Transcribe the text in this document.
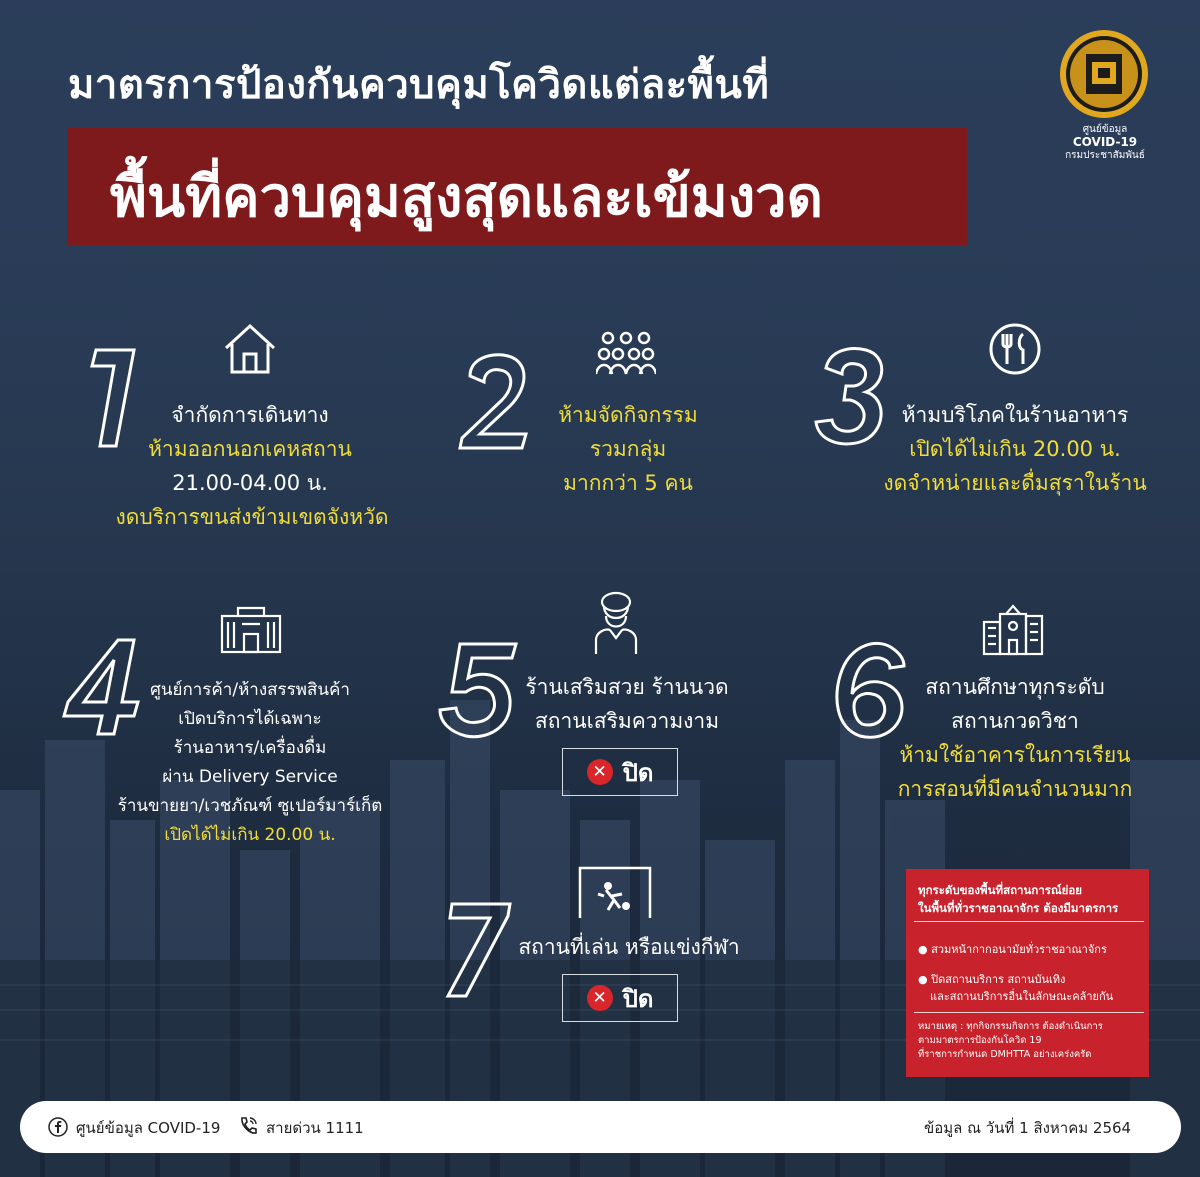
มาตรการป้องกันควบคุมโควิดแต่ละพื้นที่
พื้นที่ควบคุมสูงสุดและเข้มงวด
ศูนย์ข้อมูล
COVID-19
กรมประชาสัมพันธ์
จำกัดการเดินทาง
ห้ามออกนอกเคหสถาน
21.00-04.00 น.
งดบริการขนส่งข้ามเขตจังหวัด
ห้ามจัดกิจกรรม
รวมกลุ่ม
มากกว่า 5 คน
ห้ามบริโภคในร้านอาหาร
เปิดได้ไม่เกิน 20.00 น.
งดจำหน่ายและดื่มสุราในร้าน
ศูนย์การค้า/ห้างสรรพสินค้า
เปิดบริการได้เฉพาะ
ร้านอาหาร/เครื่องดื่ม
ผ่าน Delivery Service
ร้านขายยา/เวชภัณฑ์ ซูเปอร์มาร์เก็ต
เปิดได้ไม่เกิน 20.00 น.
ร้านเสริมสวย ร้านนวด
สถานเสริมความงาม
✕ ปิด
สถานศึกษาทุกระดับ
สถานกวดวิชา
ห้ามใช้อาคารในการเรียน
การสอนที่มีคนจำนวนมาก
สถานที่เล่น หรือแข่งกีฬา
✕ ปิด
ทุกระดับของพื้นที่สถานการณ์ย่อย
ในพื้นที่ทั่วราชอาณาจักร ต้องมีมาตรการ
● สวมหน้ากากอนามัยทั่วราชอาณาจักร
● ปิดสถานบริการ สถานบันเทิง
และสถานบริการอื่นในลักษณะคล้ายกัน
หมายเหตุ : ทุกกิจกรรมกิจการ ต้องดำเนินการ
ตามมาตรการป้องกันโควิด 19
ที่ราชการกำหนด DMHTTA อย่างเคร่งครัด
ศูนย์ข้อมูล COVID-19	สายด่วน 1111	ข้อมูล ณ วันที่ 1 สิงหาคม 2564
